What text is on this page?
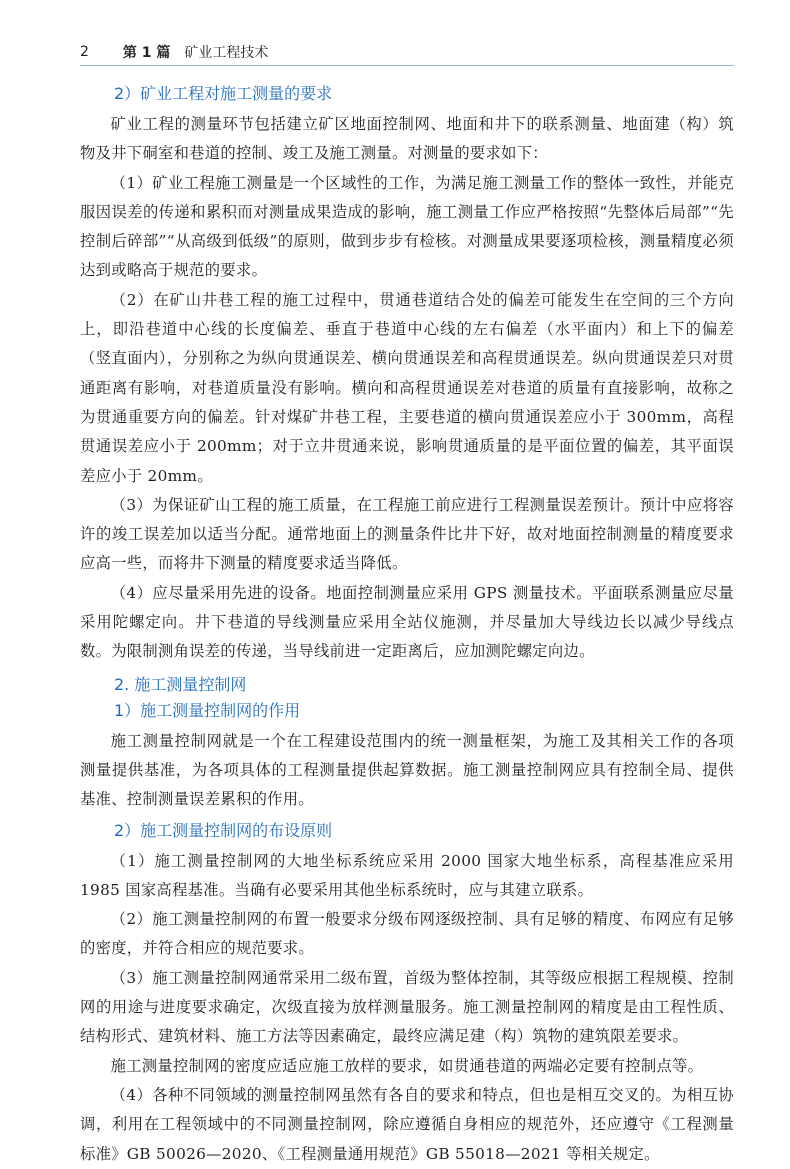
2 第 1 篇 矿业工程技术
2）矿业工程对施工测量的要求

矿业工程的测量环节包括建立矿区地面控制网、地面和井下的联系测量、地面建（构）筑物及井下硐室和巷道的控制、竣工及施工测量。对测量的要求如下：

（1）矿业工程施工测量是一个区域性的工作，为满足施工测量工作的整体一致性，并能克服因误差的传递和累积而对测量成果造成的影响，施工测量工作应严格按照“先整体后局部”“先控制后碎部”“从高级到低级”的原则，做到步步有检核。对测量成果要逐项检核，测量精度必须达到或略高于规范的要求。

（2）在矿山井巷工程的施工过程中，贯通巷道结合处的偏差可能发生在空间的三个方向上，即沿巷道中心线的长度偏差、垂直于巷道中心线的左右偏差（水平面内）和上下的偏差（竖直面内），分别称之为纵向贯通误差、横向贯通误差和高程贯通误差。纵向贯通误差只对贯通距离有影响，对巷道质量没有影响。横向和高程贯通误差对巷道的质量有直接影响，故称之为贯通重要方向的偏差。针对煤矿井巷工程，主要巷道的横向贯通误差应小于 300mm，高程贯通误差应小于 200mm；对于立井贯通来说，影响贯通质量的是平面位置的偏差，其平面误差应小于 20mm。

（3）为保证矿山工程的施工质量，在工程施工前应进行工程测量误差预计。预计中应将容许的竣工误差加以适当分配。通常地面上的测量条件比井下好，故对地面控制测量的精度要求应高一些，而将井下测量的精度要求适当降低。

（4）应尽量采用先进的设备。地面控制测量应采用 GPS 测量技术。平面联系测量应尽量采用陀螺定向。井下巷道的导线测量应采用全站仪施测，并尽量加大导线边长以减少导线点数。为限制测角误差的传递，当导线前进一定距离后，应加测陀螺定向边。

2. 施工测量控制网
1）施工测量控制网的作用

施工测量控制网就是一个在工程建设范围内的统一测量框架，为施工及其相关工作的各项测量提供基准，为各项具体的工程测量提供起算数据。施工测量控制网应具有控制全局、提供基准、控制测量误差累积的作用。

2）施工测量控制网的布设原则

（1）施工测量控制网的大地坐标系统应采用 2000 国家大地坐标系，高程基准应采用 1985 国家高程基准。当确有必要采用其他坐标系统时，应与其建立联系。

（2）施工测量控制网的布置一般要求分级布网逐级控制、具有足够的精度、布网应有足够的密度，并符合相应的规范要求。

（3）施工测量控制网通常采用二级布置，首级为整体控制，其等级应根据工程规模、控制网的用途与进度要求确定，次级直接为放样测量服务。施工测量控制网的精度是由工程性质、结构形式、建筑材料、施工方法等因素确定，最终应满足建（构）筑物的建筑限差要求。

施工测量控制网的密度应适应施工放样的要求，如贯通巷道的两端必定要有控制点等。

（4）各种不同领域的测量控制网虽然有各自的要求和特点，但也是相互交叉的。为相互协调，利用在工程领域中的不同测量控制网，除应遵循自身相应的规范外，还应遵守《工程测量标准》GB 50026—2020、《工程测量通用规范》GB 55018—2021 等相关规定。
